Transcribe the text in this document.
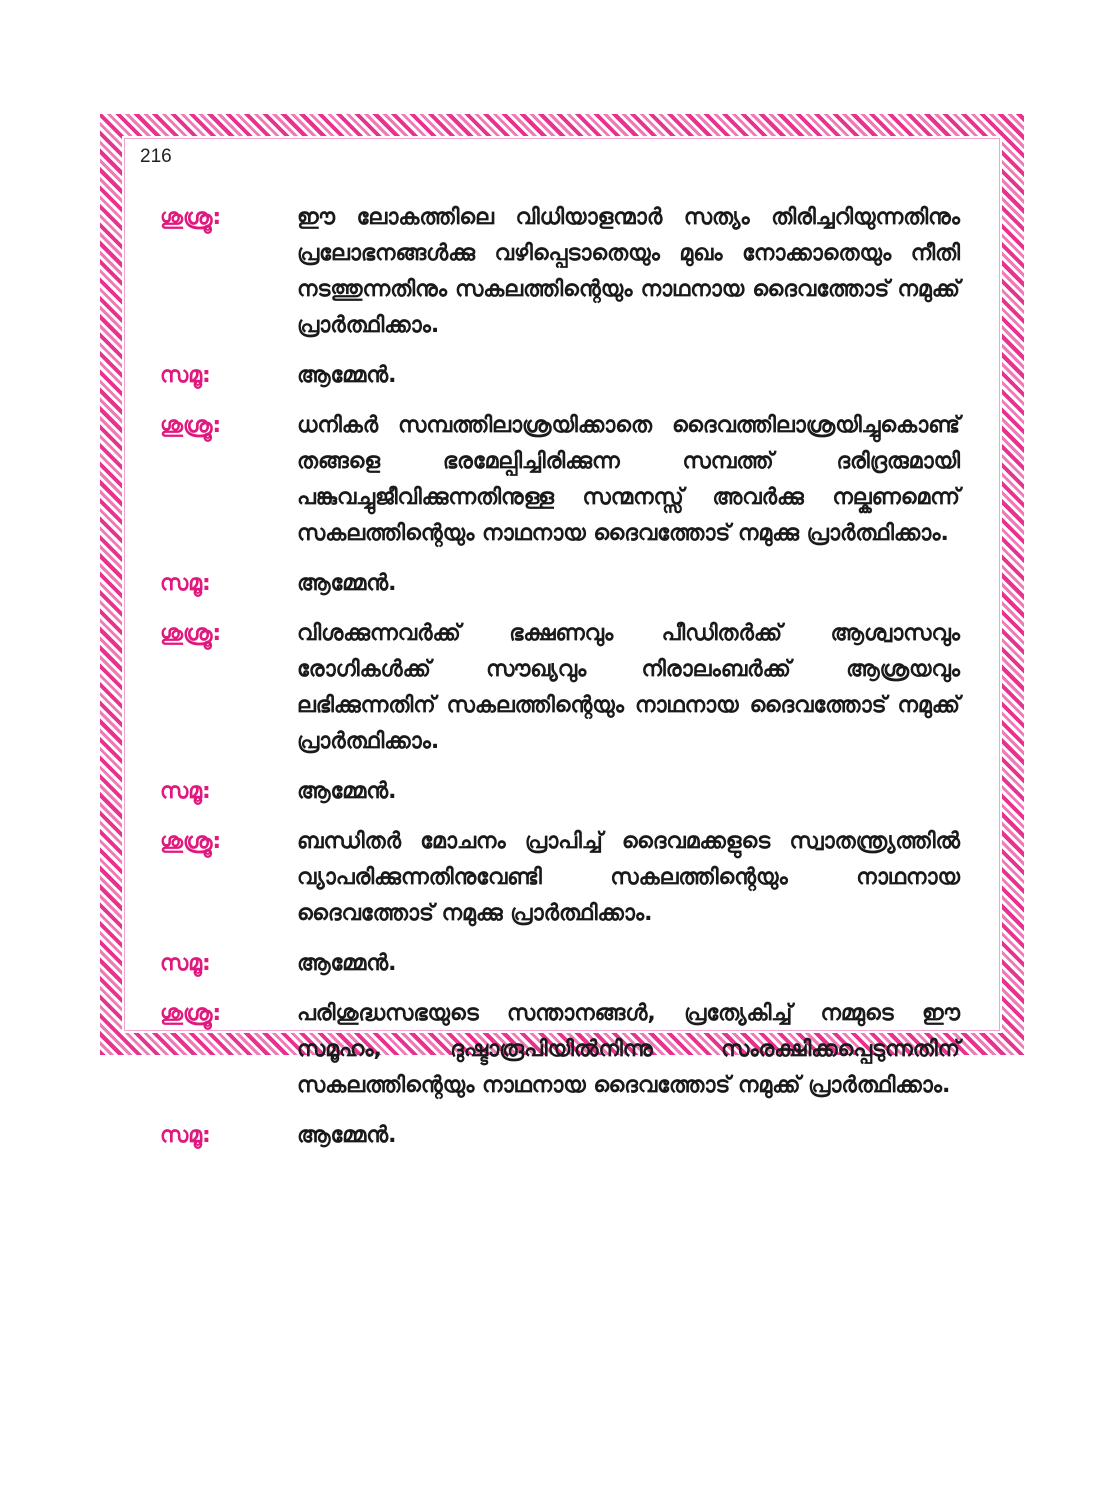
216
ശുശ്രൂ:	ഈ ലോകത്തിലെ വിധിയാളന്മാർ സത്യം തിരിച്ചറിയുന്നതിനും പ്രലോഭനങ്ങൾക്കു വഴിപ്പെടാതെയും മുഖം നോക്കാതെയും നീതി നടത്തുന്നതിനും സകലത്തിന്റെയും നാഥനായ ദൈവത്തോട് നമുക്ക് പ്രാർത്ഥിക്കാം.
സമൂ:	ആമ്മേൻ.
ശുശ്രൂ:	ധനികർ സമ്പത്തിലാശ്രയിക്കാതെ ദൈവത്തിലാശ്രയിച്ചുകൊണ്ട് തങ്ങളെ ഭരമേല്പിച്ചിരിക്കുന്ന സമ്പത്ത് ദരിദ്രരുമായി പങ്കുവച്ചുജീവിക്കുന്നതിനുള്ള സന്മനസ്സ് അവർക്കു നല്കണമെന്ന് സകലത്തിന്റെയും നാഥനായ ദൈവത്തോട് നമുക്കു പ്രാർത്ഥിക്കാം.
സമൂ:	ആമ്മേൻ.
ശുശ്രൂ:	വിശക്കുന്നവർക്ക് ഭക്ഷണവും പീഡിതർക്ക് ആശ്വാസവും രോഗികൾക്ക് സൗഖ്യവും നിരാലംബർക്ക് ആശ്രയവും ലഭിക്കുന്നതിന് സകലത്തിന്റെയും നാഥനായ ദൈവത്തോട് നമുക്ക് പ്രാർത്ഥിക്കാം.
സമൂ:	ആമ്മേൻ.
ശുശ്രൂ:	ബന്ധിതർ മോചനം പ്രാപിച്ച് ദൈവമക്കളുടെ സ്വാതന്ത്ര്യത്തിൽ വ്യാപരിക്കുന്നതിനുവേണ്ടി സകലത്തിന്റെയും നാഥനായ ദൈവത്തോട് നമുക്കു പ്രാർത്ഥിക്കാം.
സമൂ:	ആമ്മേൻ.
ശുശ്രൂ:	പരിശുദ്ധസഭയുടെ സന്താനങ്ങൾ, പ്രത്യേകിച്ച് നമ്മുടെ ഈ സമൂഹം, ദുഷ്ടാരൂപിയിൽനിന്നു സംരക്ഷിക്കപ്പെടുന്നതിന് സകലത്തിന്റെയും നാഥനായ ദൈവത്തോട് നമുക്ക് പ്രാർത്ഥിക്കാം.
സമൂ:	ആമ്മേൻ.
